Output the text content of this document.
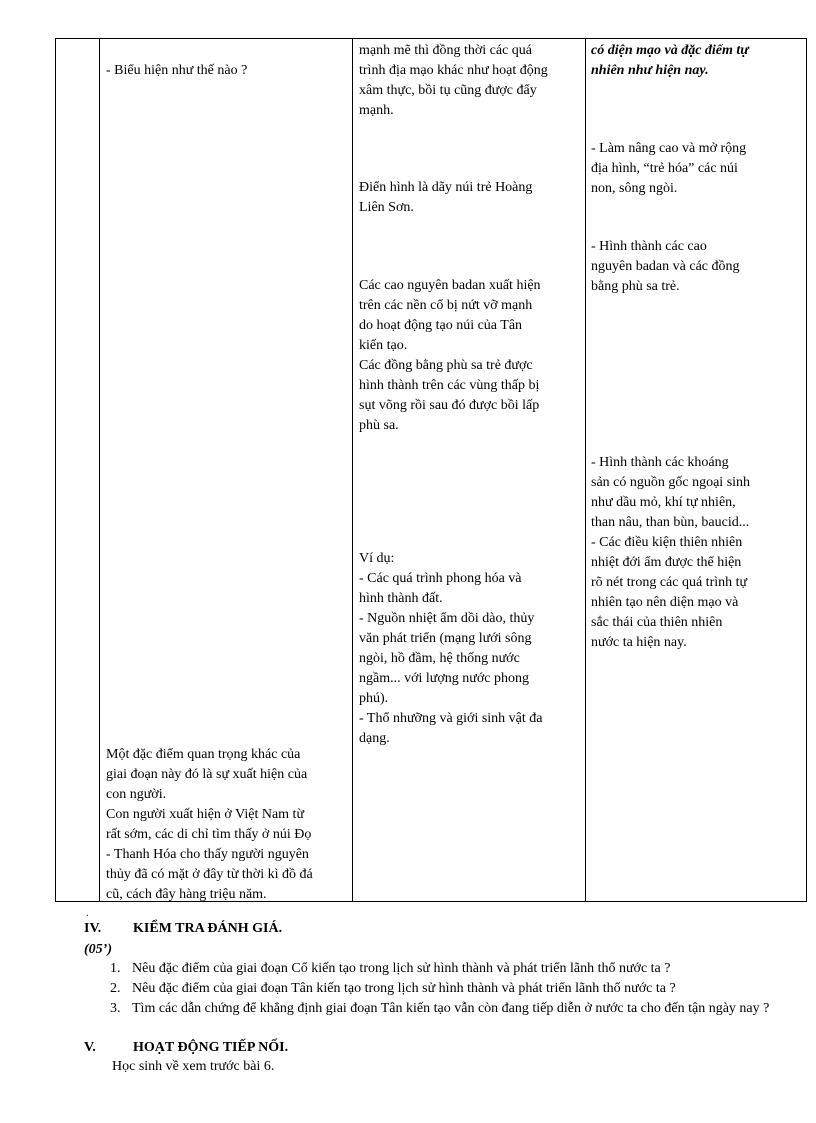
- Biểu hiện như thế nào ?
Một đặc điểm quan trọng khác của
giai đoạn này đó là sự xuất hiện của
con người.
Con người xuất hiện ở Việt Nam từ
rất sớm, các di chỉ tìm thấy ở núi Đọ
- Thanh Hóa cho thấy người nguyên
thủy đã có mặt ở đây từ thời kì đồ đá
cũ, cách đây hàng triệu năm.
mạnh mẽ thì đồng thời các quá
trình địa mạo khác như hoạt động
xâm thực, bồi tụ cũng được đẩy
mạnh.
Điển hình là dãy núi trẻ Hoàng
Liên Sơn.
Các cao nguyên badan xuất hiện
trên các nền cổ bị nứt vỡ mạnh
do hoạt động tạo núi của Tân
kiến tạo.
Các đồng bằng phù sa trẻ được
hình thành trên các vùng thấp bị
sụt võng rồi sau đó được bồi lấp
phù sa.
Ví dụ:
- Các quá trình phong hóa và
hình thành đất.
- Nguồn nhiệt ẩm dồi dào, thủy
văn phát triển (mạng lưới sông
ngòi, hồ đầm, hệ thống nước
ngầm... với lượng nước phong
phú).
- Thổ nhưỡng và giới sinh vật đa
dạng.
có diện mạo và đặc điểm tự
nhiên như hiện nay.
- Làm nâng cao và mở rộng
địa hình, “trẻ hóa” các núi
non, sông ngòi.
- Hình thành các cao
nguyên badan và các đồng
bằng phù sa trẻ.
- Hình thành các khoáng
sản có nguồn gốc ngoại sinh
như dầu mỏ, khí tự nhiên,
than nâu, than bùn, baucid...
- Các điều kiện thiên nhiên
nhiệt đới ẩm được thể hiện
rõ nét trong các quá trình tự
nhiên tạo nên diện mạo và
sắc thái của thiên nhiên
nước ta hiện nay.
.
IV. KIỂM TRA ĐÁNH GIÁ.
(05’)
1. Nêu đặc điểm của giai đoạn Cổ kiến tạo trong lịch sử hình thành và phát triển lãnh thổ nước ta ?
2. Nêu đặc điểm của giai đoạn Tân kiến tạo trong lịch sử hình thành và phát triển lãnh thổ nước ta ?
3. Tìm các dẫn chứng để khẳng định giai đoạn Tân kiến tạo vẫn còn đang tiếp diễn ở nước ta cho đến tận ngày nay ?
V.	HOẠT ĐỘNG TIẾP NỐI.
Học sinh về xem trước bài 6.
